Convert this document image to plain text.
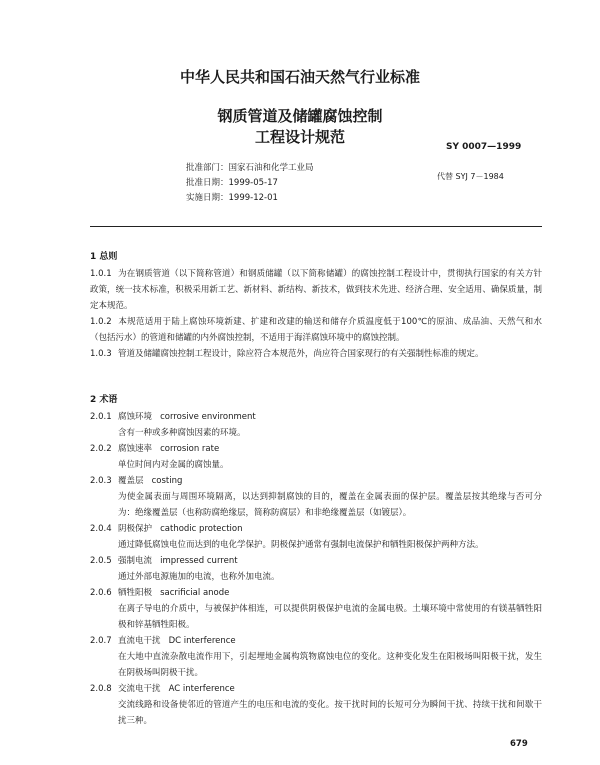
中华人民共和国石油天然气行业标准
钢质管道及储罐腐蚀控制
工程设计规范
SY 0007—1999
批准部门：国家石油和化学工业局
批准日期：1999-05-17
实施日期：1999-12-01
代替 SYJ 7－1984
1 总则

1.0.1 为在钢质管道（以下简称管道）和钢质储罐（以下简称储罐）的腐蚀控制工程设计中，贯彻执行国家的有关方针政策，统一技术标准，积极采用新工艺、新材料、新结构、新技术，做到技术先进、经济合理、安全适用、确保质量，制定本规范。

1.0.2 本规范适用于陆上腐蚀环境新建、扩建和改建的输送和储存介质温度低于100℃的原油、成品油、天然气和水（包括污水）的管道和储罐的内外腐蚀控制，不适用于海洋腐蚀环境中的腐蚀控制。

1.0.3 管道及储罐腐蚀控制工程设计，除应符合本规范外，尚应符合国家现行的有关强制性标准的规定。

2 术语
2.0.1 腐蚀环境 corrosive environment
含有一种或多种腐蚀因素的环境。
2.0.2 腐蚀速率 corrosion rate
单位时间内对金属的腐蚀量。
2.0.3 覆盖层 costing
为使金属表面与周围环境隔离，以达到抑制腐蚀的目的，覆盖在金属表面的保护层。覆盖层按其绝缘与否可分为：绝缘覆盖层（也称防腐绝缘层，简称防腐层）和非绝缘覆盖层（如镀层）。
2.0.4 阴极保护 cathodic protection
通过降低腐蚀电位而达到的电化学保护。阴极保护通常有强制电流保护和牺牲阳极保护两种方法。
2.0.5 强制电流 impressed current
通过外部电源施加的电流，也称外加电流。
2.0.6 牺牲阳极 sacrificial anode
在离子导电的介质中，与被保护体相连，可以提供阴极保护电流的金属电极。土壤环境中常使用的有镁基牺牲阳极和锌基牺牲阳极。
2.0.7 直流电干扰 DC interference
在大地中直流杂散电流作用下，引起埋地金属构筑物腐蚀电位的变化。这种变化发生在阳极场叫阳极干扰，发生在阴极场叫阴极干扰。
2.0.8 交流电干扰 AC interference
交流线路和设备使邻近的管道产生的电压和电流的变化。按干扰时间的长短可分为瞬间干扰、持续干扰和间歇干扰三种。
679
